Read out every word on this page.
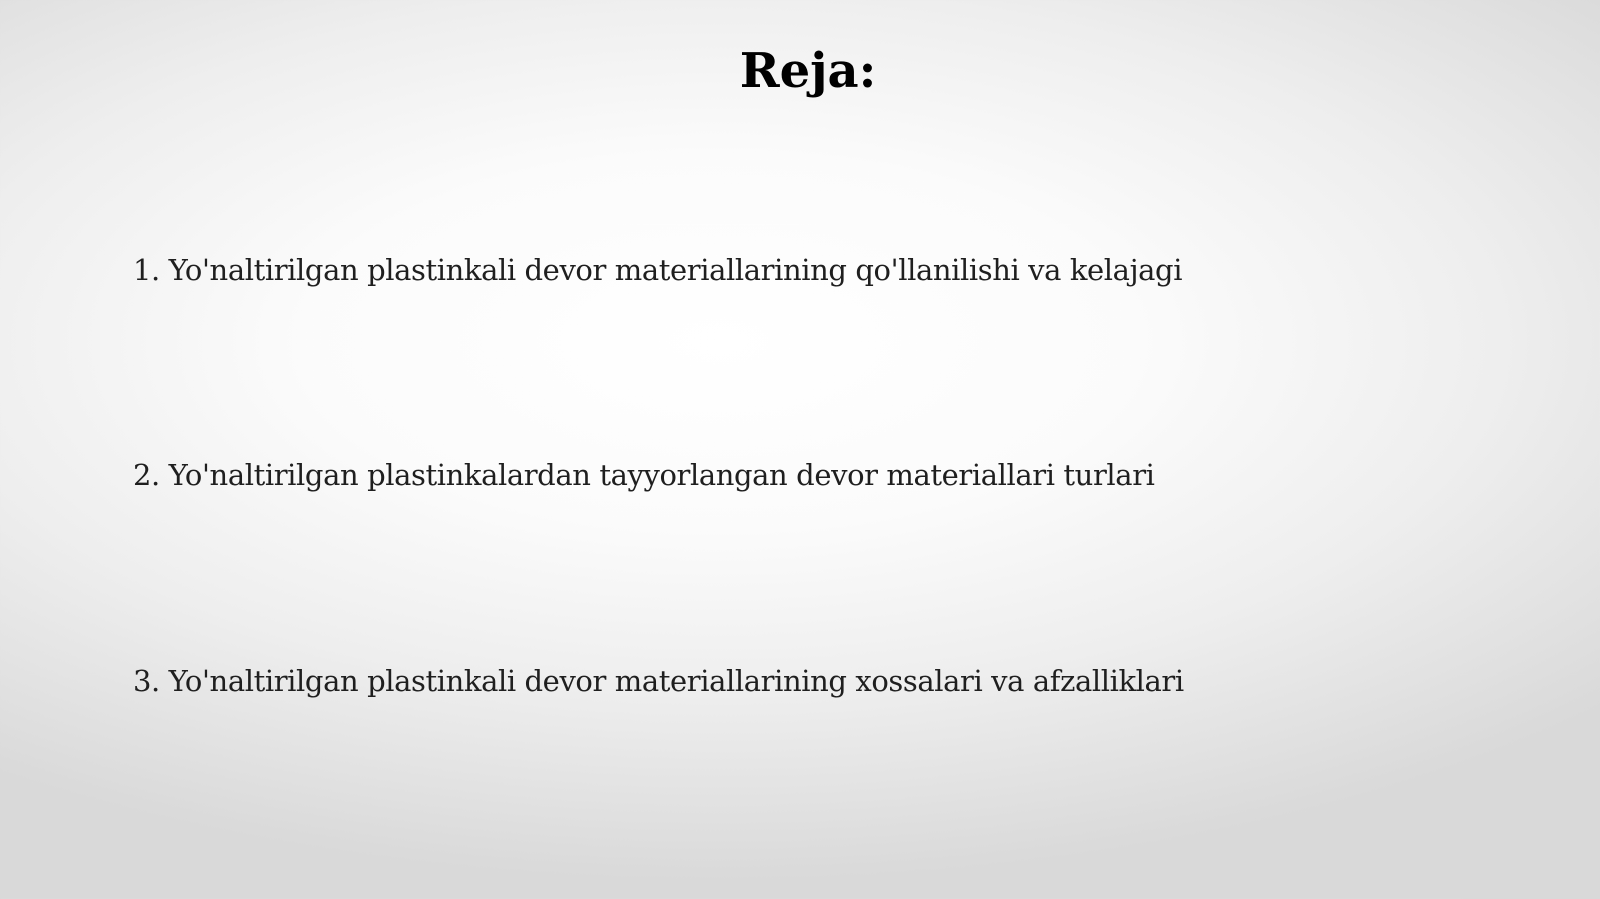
Reja:

1. Yo'naltirilgan plastinkali devor materiallarining qo'llanilishi va kelajagi

2. Yo'naltirilgan plastinkalardan tayyorlangan devor materiallari turlari

3. Yo'naltirilgan plastinkali devor materiallarining xossalari va afzalliklari
